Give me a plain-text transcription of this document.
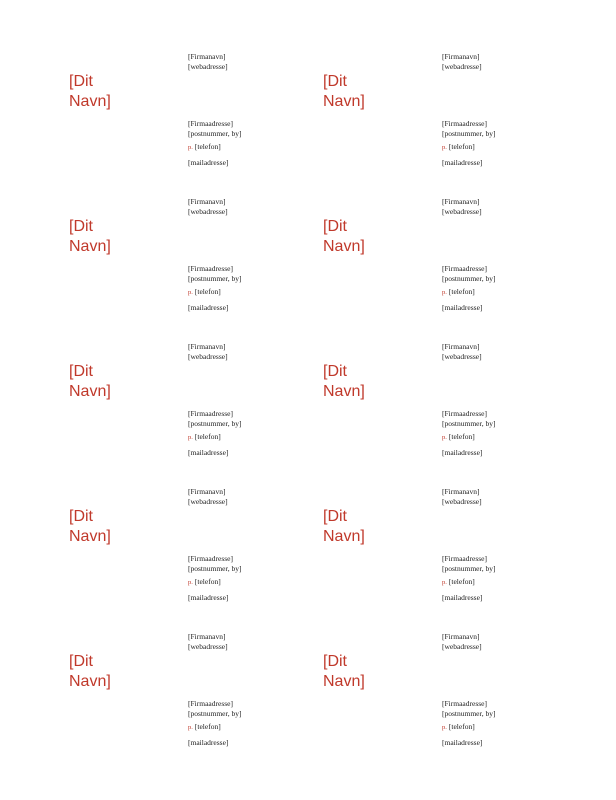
[Dit
Navn]
[Firmanavn]
[webadresse]
[Firmaadresse]
[postnummer, by]
p. [telefon]
[mailadresse]
[Dit
Navn]
[Firmanavn]
[webadresse]
[Firmaadresse]
[postnummer, by]
p. [telefon]
[mailadresse]
[Dit
Navn]
[Firmanavn]
[webadresse]
[Firmaadresse]
[postnummer, by]
p. [telefon]
[mailadresse]
[Dit
Navn]
[Firmanavn]
[webadresse]
[Firmaadresse]
[postnummer, by]
p. [telefon]
[mailadresse]
[Dit
Navn]
[Firmanavn]
[webadresse]
[Firmaadresse]
[postnummer, by]
p. [telefon]
[mailadresse]
[Dit
Navn]
[Firmanavn]
[webadresse]
[Firmaadresse]
[postnummer, by]
p. [telefon]
[mailadresse]
[Dit
Navn]
[Firmanavn]
[webadresse]
[Firmaadresse]
[postnummer, by]
p. [telefon]
[mailadresse]
[Dit
Navn]
[Firmanavn]
[webadresse]
[Firmaadresse]
[postnummer, by]
p. [telefon]
[mailadresse]
[Dit
Navn]
[Firmanavn]
[webadresse]
[Firmaadresse]
[postnummer, by]
p. [telefon]
[mailadresse]
[Dit
Navn]
[Firmanavn]
[webadresse]
[Firmaadresse]
[postnummer, by]
p. [telefon]
[mailadresse]
